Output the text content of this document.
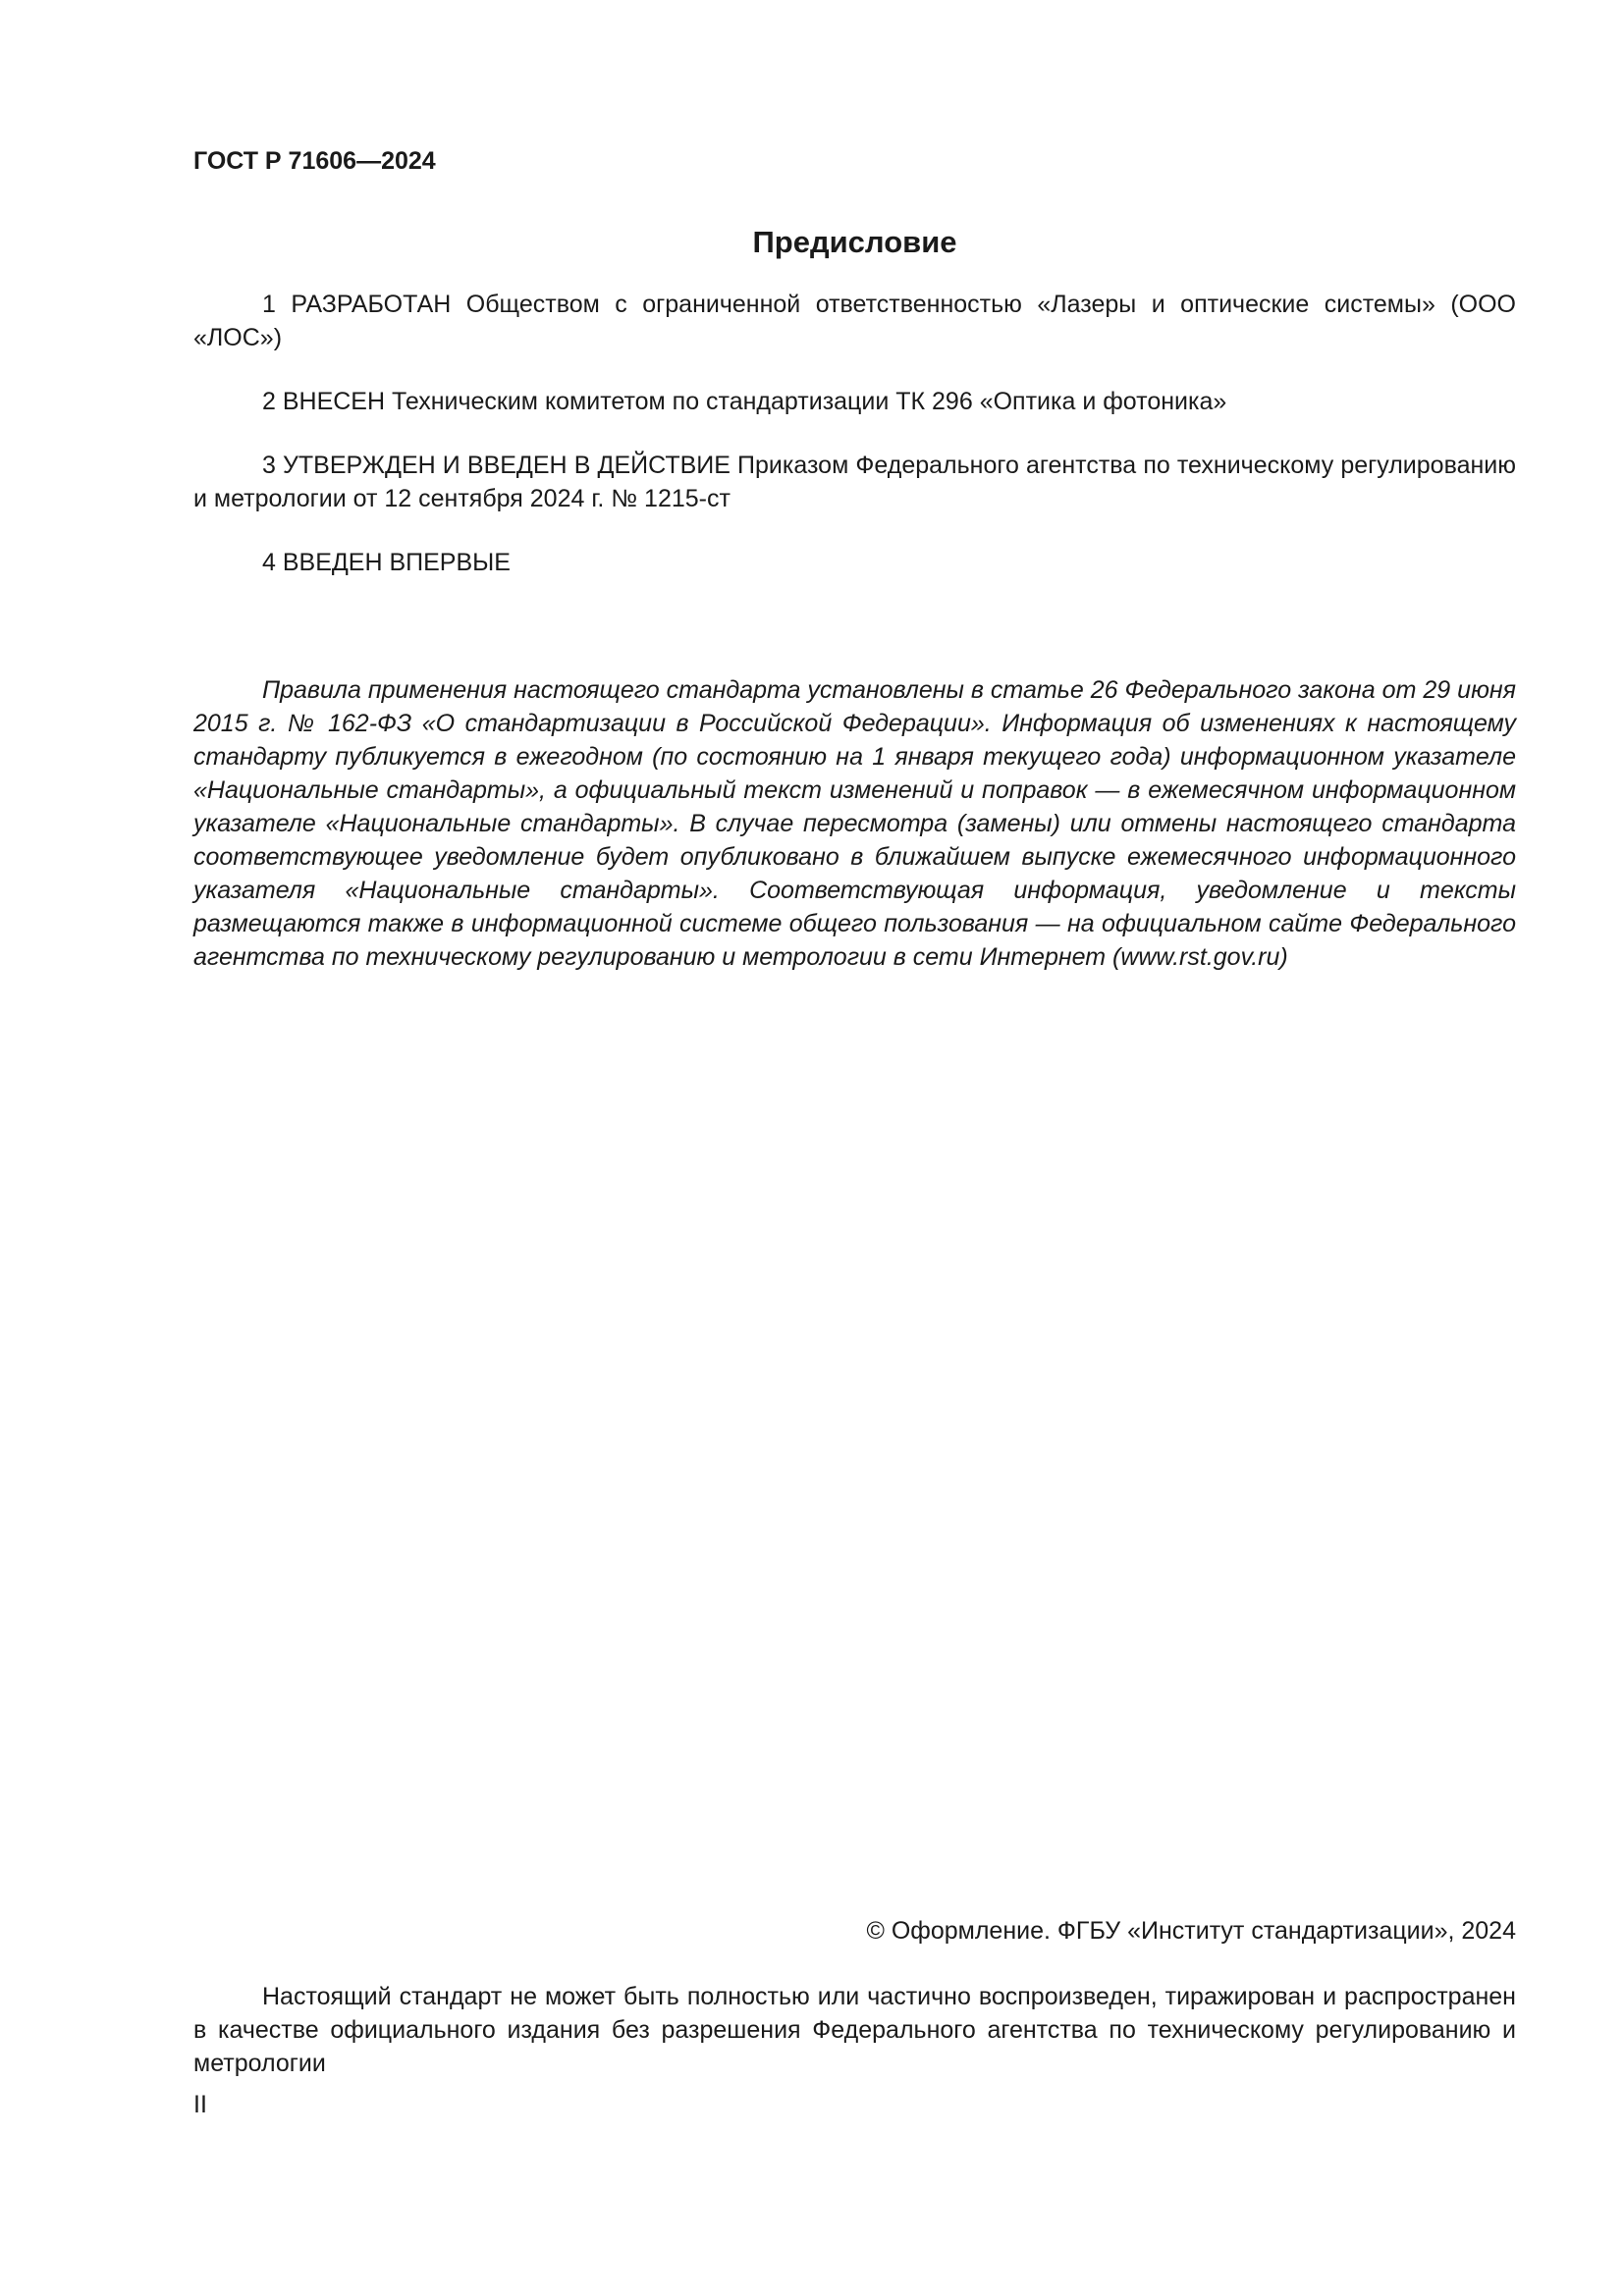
ГОСТ Р 71606—2024
Предисловие

1 РАЗРАБОТАН Обществом с ограниченной ответственностью «Лазеры и оптические системы» (ООО «ЛОС»)

2 ВНЕСЕН Техническим комитетом по стандартизации ТК 296 «Оптика и фотоника»

3 УТВЕРЖДЕН И ВВЕДЕН В ДЕЙСТВИЕ Приказом Федерального агентства по техническому регулированию и метрологии от 12 сентября 2024 г. № 1215-ст

4 ВВЕДЕН ВПЕРВЫЕ

Правила применения настоящего стандарта установлены в статье 26 Федерального закона от 29 июня 2015 г. № 162-ФЗ «О стандартизации в Российской Федерации». Информация об изменениях к настоящему стандарту публикуется в ежегодном (по состоянию на 1 января текущего года) информационном указателе «Национальные стандарты», а официальный текст изменений и поправок — в ежемесячном информационном указателе «Национальные стандарты». В случае пересмотра (замены) или отмены настоящего стандарта соответствующее уведомление будет опубликовано в ближайшем выпуске ежемесячного информационного указателя «Национальные стандарты». Соответствующая информация, уведомление и тексты размещаются также в информационной системе общего пользования — на официальном сайте Федерального агентства по техническому регулированию и метрологии в сети Интернет (www.rst.gov.ru)

© Оформление. ФГБУ «Институт стандартизации», 2024

Настоящий стандарт не может быть полностью или частично воспроизведен, тиражирован и распространен в качестве официального издания без разрешения Федерального агентства по техническому регулированию и метрологии

II
